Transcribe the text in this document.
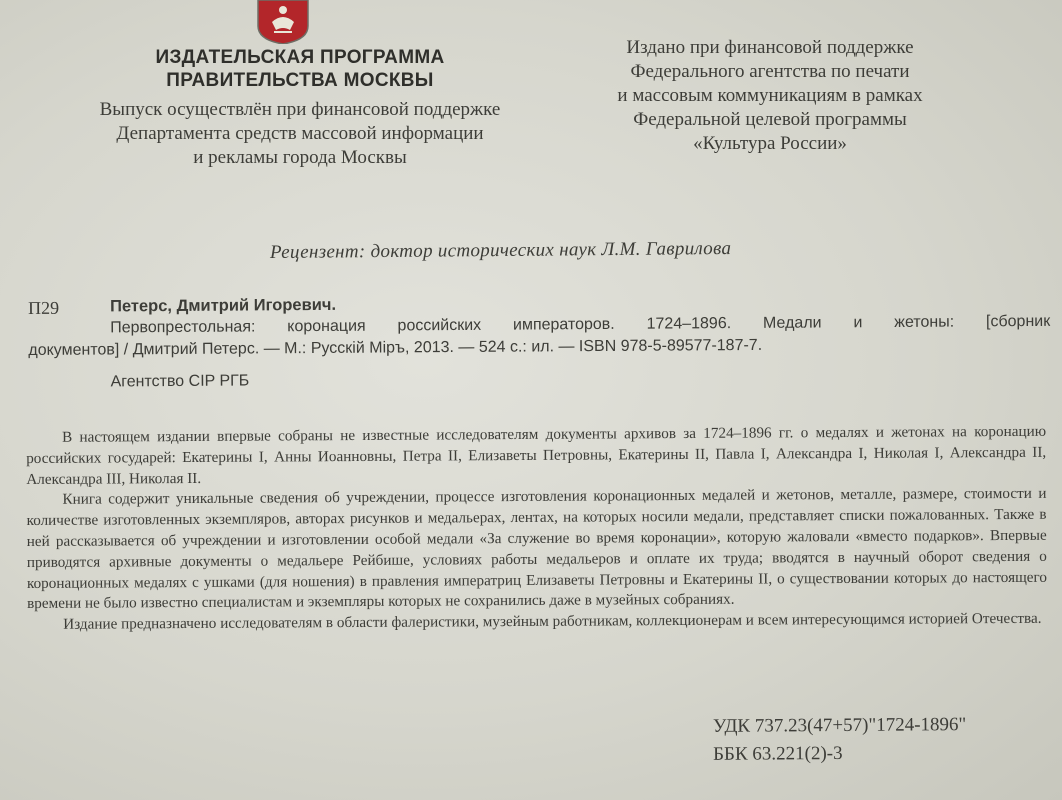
ИЗДАТЕЛЬСКАЯ ПРОГРАММА
ПРАВИТЕЛЬСТВА МОСКВЫ
Выпуск осуществлён при финансовой поддержке
Департамента средств массовой информации
и рекламы города Москвы
Издано при финансовой поддержке
Федерального агентства по печати
и массовым коммуникациям в рамках
Федеральной целевой программы
«Культура России»
Рецензент: доктор исторических наук Л.М. Гаврилова
П29	Петерс, Дмитрий Игоревич.
Первопрестольная: коронация российских императоров. 1724–1896. Медали и жетоны: [сборник
документов] / Дмитрий Петерс. — М.: Русскiй Мiръ, 2013. — 524 с.: ил. — ISBN 978-5-89577-187-7.
Агентство CIP РГБ

В настоящем издании впервые собраны не известные исследователям документы архивов за 1724–1896 гг. о медалях и жетонах на коронацию российских государей: Екатерины I, Анны Иоанновны, Петра II, Елизаветы Петровны, Екатерины II, Павла I, Александра I, Николая I, Александра II, Александра III, Николая II.

Книга содержит уникальные сведения об учреждении, процессе изготовления коронационных медалей и жетонов, металле, размере, стоимости и количестве изготовленных экземпляров, авторах рисунков и медальерах, лентах, на которых носили медали, представляет списки пожалованных. Также в ней рассказывается об учреждении и изготовлении особой медали «За служение во время коронации», которую жаловали «вместо подарков». Впервые приводятся архивные документы о медальере Рейбише, условиях работы медальеров и оплате их труда; вводятся в научный оборот сведения о коронационных медалях с ушками (для ношения) в правления императриц Елизаветы Петровны и Екатерины II, о существовании которых до настоящего времени не было известно специалистам и экземпляры которых не сохранились даже в музейных собраниях.

Издание предназначено исследователям в области фалеристики, музейным работникам, коллекционерам и всем интересующимся историей Отечества.

УДК 737.23(47+57)"1724-1896"
ББК 63.221(2)-3
